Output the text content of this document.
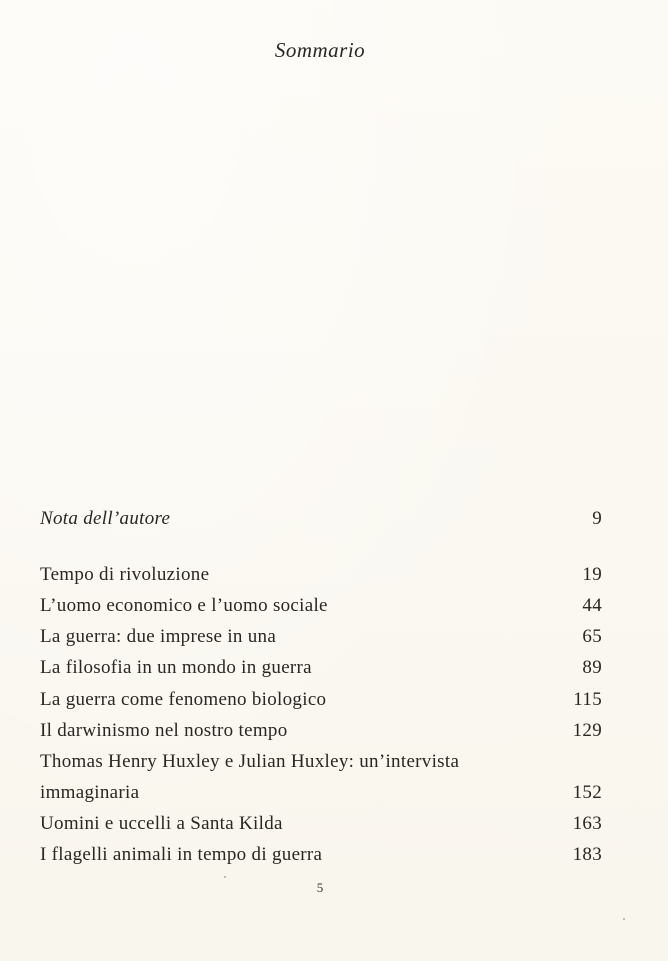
Sommario
Nota dell’autore	9
Tempo di rivoluzione	19
L’uomo economico e l’uomo sociale	44
La guerra: due imprese in una	65
La filosofia in un mondo in guerra	89
La guerra come fenomeno biologico	115
Il darwinismo nel nostro tempo	129
Thomas Henry Huxley e Julian Huxley: un’intervista
immaginaria	152
Uomini e uccelli a Santa Kilda	163
I flagelli animali in tempo di guerra	183
5
